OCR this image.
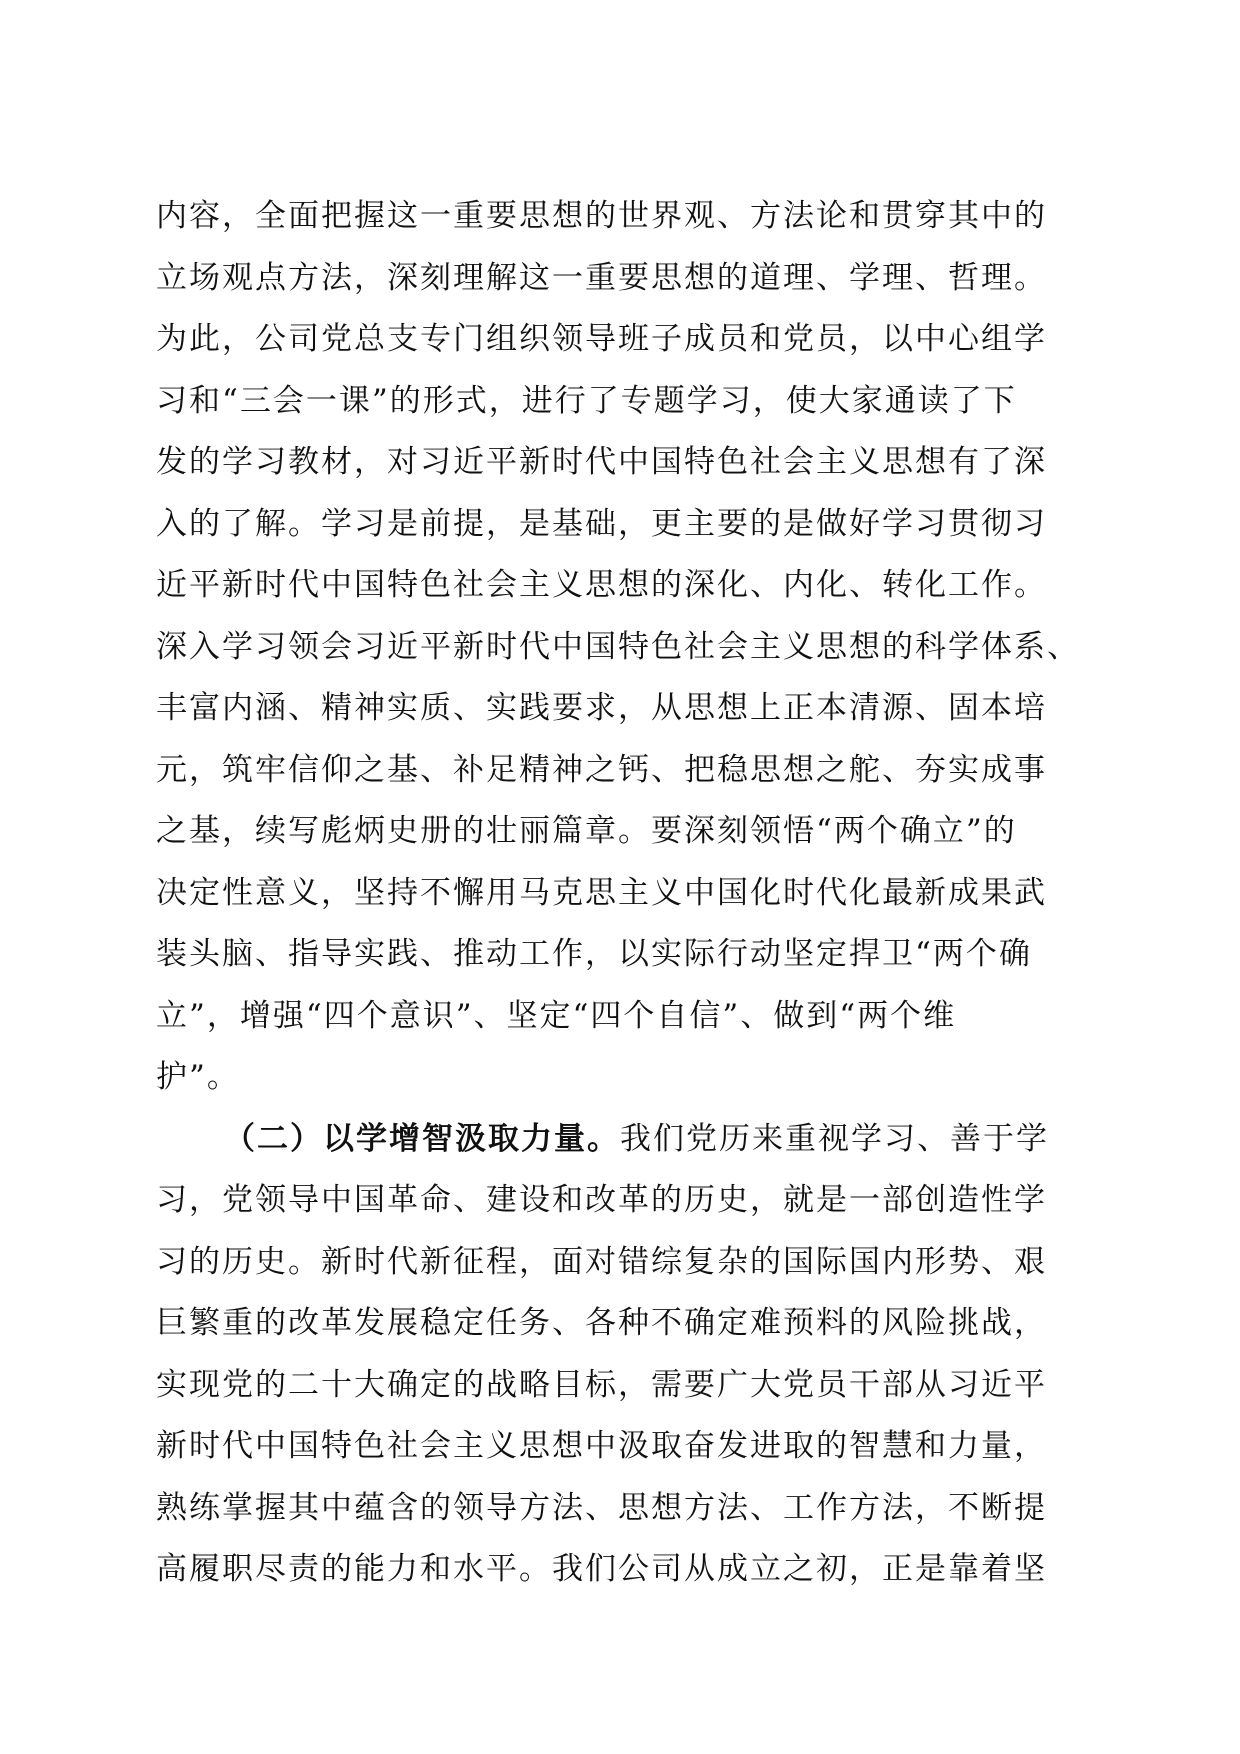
内容，全面把握这一重要思想的世界观、方法论和贯穿其中的
立场观点方法，深刻理解这一重要思想的道理、学理、哲理。
为此，公司党总支专门组织领导班子成员和党员，以中心组学
习和“三会一课”的形式，进行了专题学习，使大家通读了下
发的学习教材，对习近平新时代中国特色社会主义思想有了深
入的了解。学习是前提，是基础，更主要的是做好学习贯彻习
近平新时代中国特色社会主义思想的深化、内化、转化工作。
深入学习领会习近平新时代中国特色社会主义思想的科学体系、
丰富内涵、精神实质、实践要求，从思想上正本清源、固本培
元，筑牢信仰之基、补足精神之钙、把稳思想之舵、夯实成事
之基，续写彪炳史册的壮丽篇章。要深刻领悟“两个确立”的
决定性意义，坚持不懈用马克思主义中国化时代化最新成果武
装头脑、指导实践、推动工作，以实际行动坚定捍卫“两个确
立”，增强“四个意识”、坚定“四个自信”、做到“两个维
护”。
（二）以学增智汲取力量。我们党历来重视学习、善于学
习，党领导中国革命、建设和改革的历史，就是一部创造性学
习的历史。新时代新征程，面对错综复杂的国际国内形势、艰
巨繁重的改革发展稳定任务、各种不确定难预料的风险挑战，
实现党的二十大确定的战略目标，需要广大党员干部从习近平
新时代中国特色社会主义思想中汲取奋发进取的智慧和力量，
熟练掌握其中蕴含的领导方法、思想方法、工作方法，不断提
高履职尽责的能力和水平。我们公司从成立之初，正是靠着坚
